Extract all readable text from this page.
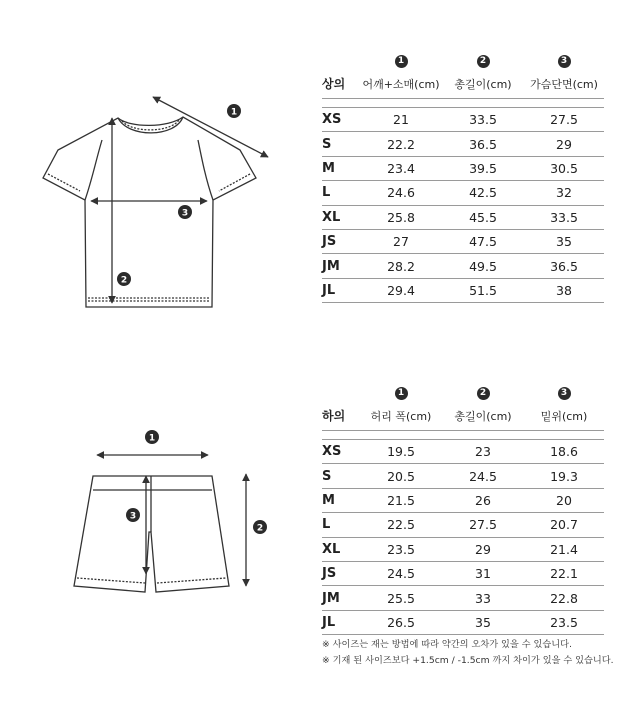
1
2
3
1
2
3
	1	2	3
상의	어깨+소매(cm)	총길이(cm)	가슴단면(cm)

XS	21	33.5	27.5
S	22.2	36.5	29
M	23.4	39.5	30.5
L	24.6	42.5	32
XL	25.8	45.5	33.5
JS	27	47.5	35
JM	28.2	49.5	36.5
JL	29.4	51.5	38
	1	2	3
하의	허리 폭(cm)	총길이(cm)	밑위(cm)

XS	19.5	23	18.6
S	20.5	24.5	19.3
M	21.5	26	20
L	22.5	27.5	20.7
XL	23.5	29	21.4
JS	24.5	31	22.1
JM	25.5	33	22.8
JL	26.5	35	23.5
※ 사이즈는 재는 방법에 따라 약간의 오차가 있을 수 있습니다.
※ 기재 된 사이즈보다 +1.5cm / -1.5cm 까지 차이가 있을 수 있습니다.
